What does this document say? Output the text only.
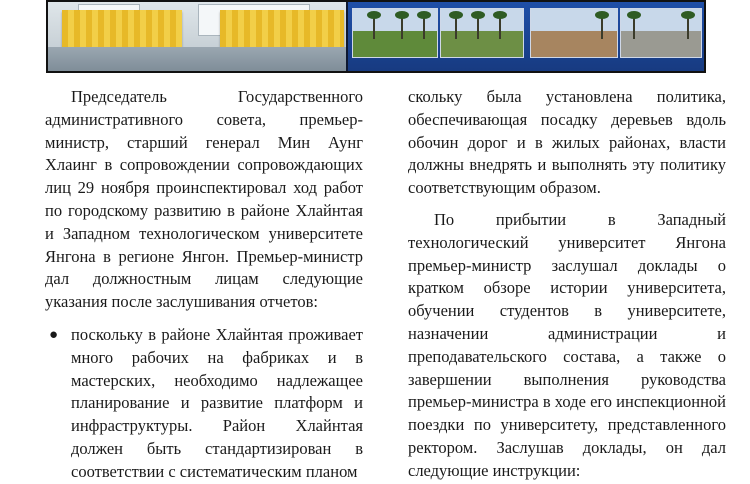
Председатель Государственного административного совета, премьер-министр, старший генерал Мин Аунг Хлаинг в сопровождении сопровождающих лиц 29 ноября проинспектировал ход работ по городскому развитию в районе Хлайнтая и Западном технологическом университете Янгона в регионе Янгон. Премьер-министр дал должностным лицам следующие указания после заслушивания отчетов:

● поскольку в районе Хлайнтая проживает много рабочих на фабриках и в мастерских, необходимо надлежащее планирование и развитие платформ и инфраструктуры. Район Хлайнтая должен быть стандартизирован в соответствии с систематическим планом

скольку была установлена политика, обеспечивающая посадку деревьев вдоль обочин дорог и в жилых районах, власти должны внедрять и выполнять эту политику соответствующим образом.

По прибытии в Западный технологический университет Янгона премьер-министр заслушал доклады о кратком обзоре истории университета, обучении студентов в университете, назначении администрации и преподавательского состава, а также о завершении выполнения руководства премьер-министра в ходе его инспекционной поездки по университету, представленного ректором. Заслушав доклады, он дал следующие инструкции:
